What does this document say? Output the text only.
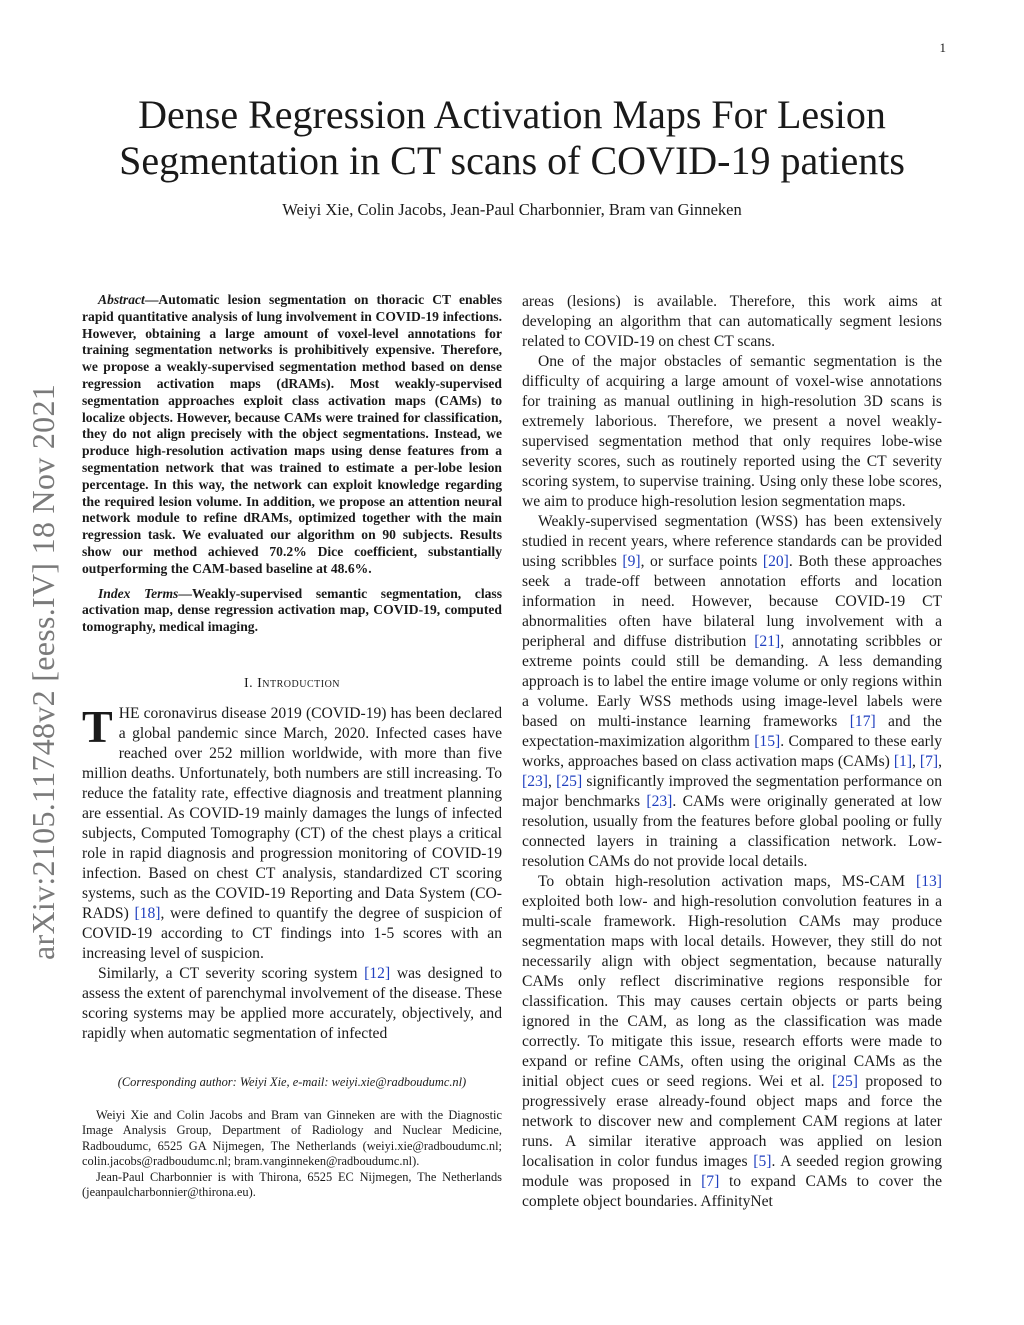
1
Dense Regression Activation Maps For Lesion
Segmentation in CT scans of COVID-19 patients
Weiyi Xie, Colin Jacobs, Jean-Paul Charbonnier, Bram van Ginneken
arXiv:2105.11748v2 [eess.IV] 18 Nov 2021

Abstract—Automatic lesion segmentation on thoracic CT enables rapid quantitative analysis of lung involvement in COVID-19 infections. However, obtaining a large amount of voxel-level annotations for training segmentation networks is prohibitively expensive. Therefore, we propose a weakly-supervised segmentation method based on dense regression activation maps (dRAMs). Most weakly-supervised segmentation approaches exploit class activation maps (CAMs) to localize objects. However, because CAMs were trained for classification, they do not align precisely with the object segmentations. Instead, we produce high-resolution activation maps using dense features from a segmentation network that was trained to estimate a per-lobe lesion percentage. In this way, the network can exploit knowledge regarding the required lesion volume. In addition, we propose an attention neural network module to refine dRAMs, optimized together with the main regression task. We evaluated our algorithm on 90 subjects. Results show our method achieved 70.2% Dice coefficient, substantially outperforming the CAM-based baseline at 48.6%.

Index Terms—Weakly-supervised semantic segmentation, class activation map, dense regression activation map, COVID-19, computed tomography, medical imaging.

I. Introduction

THE coronavirus disease 2019 (COVID-19) has been declared a global pandemic since March, 2020. Infected cases have reached over 252 million worldwide, with more than five million deaths. Unfortunately, both numbers are still increasing. To reduce the fatality rate, effective diagnosis and treatment planning are essential. As COVID-19 mainly damages the lungs of infected subjects, Computed Tomography (CT) of the chest plays a critical role in rapid diagnosis and progression monitoring of COVID-19 infection. Based on chest CT analysis, standardized CT scoring systems, such as the COVID-19 Reporting and Data System (CO-RADS) [18], were defined to quantify the degree of suspicion of COVID-19 according to CT findings into 1-5 scores with an increasing level of suspicion.

Similarly, a CT severity scoring system [12] was designed to assess the extent of parenchymal involvement of the disease. These scoring systems may be applied more accurately, objectively, and rapidly when automatic segmentation of infected

(Corresponding author: Weiyi Xie, e-mail: weiyi.xie@radboudumc.nl)

Weiyi Xie and Colin Jacobs and Bram van Ginneken are with the Diagnostic Image Analysis Group, Department of Radiology and Nuclear Medicine, Radboudumc, 6525 GA Nijmegen, The Netherlands (weiyi.xie@radboudumc.nl; colin.jacobs@radboudumc.nl; bram.vanginneken@radboudumc.nl).

Jean-Paul Charbonnier is with Thirona, 6525 EC Nijmegen, The Netherlands (jeanpaulcharbonnier@thirona.eu).

areas (lesions) is available. Therefore, this work aims at developing an algorithm that can automatically segment lesions related to COVID-19 on chest CT scans.

One of the major obstacles of semantic segmentation is the difficulty of acquiring a large amount of voxel-wise annotations for training as manual outlining in high-resolution 3D scans is extremely laborious. Therefore, we present a novel weakly-supervised segmentation method that only requires lobe-wise severity scores, such as routinely reported using the CT severity scoring system, to supervise training. Using only these lobe scores, we aim to produce high-resolution lesion segmentation maps.

Weakly-supervised segmentation (WSS) has been extensively studied in recent years, where reference standards can be provided using scribbles [9], or surface points [20]. Both these approaches seek a trade-off between annotation efforts and location information in need. However, because COVID-19 CT abnormalities often have bilateral lung involvement with a peripheral and diffuse distribution [21], annotating scribbles or extreme points could still be demanding. A less demanding approach is to label the entire image volume or only regions within a volume. Early WSS methods using image-level labels were based on multi-instance learning frameworks [17] and the expectation-maximization algorithm [15]. Compared to these early works, approaches based on class activation maps (CAMs) [1], [7], [23], [25] significantly improved the segmentation performance on major benchmarks [23]. CAMs were originally generated at low resolution, usually from the features before global pooling or fully connected layers in training a classification network. Low-resolution CAMs do not provide local details.

To obtain high-resolution activation maps, MS-CAM [13] exploited both low- and high-resolution convolution features in a multi-scale framework. High-resolution CAMs may produce segmentation maps with local details. However, they still do not necessarily align with object segmentation, because naturally CAMs only reflect discriminative regions responsible for classification. This may causes certain objects or parts being ignored in the CAM, as long as the classification was made correctly. To mitigate this issue, research efforts were made to expand or refine CAMs, often using the original CAMs as the initial object cues or seed regions. Wei et al. [25] proposed to progressively erase already-found object maps and force the network to discover new and complement CAM regions at later runs. A similar iterative approach was applied on lesion localisation in color fundus images [5]. A seeded region growing module was proposed in [7] to expand CAMs to cover the complete object boundaries. AffinityNet
